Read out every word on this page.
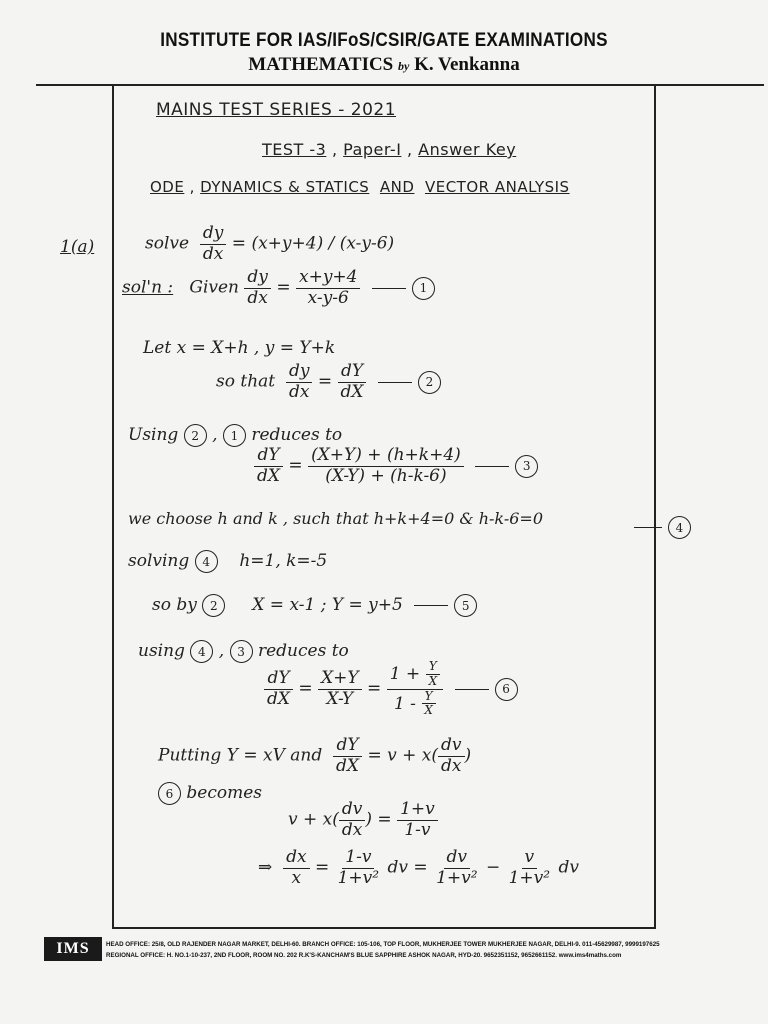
INSTITUTE FOR IAS/IFoS/CSIR/GATE EXAMINATIONS
MATHEMATICS by K. Venkanna
MAINS TEST SERIES - 2021
TEST -3 , Paper-I , Answer Key
ODE , DYNAMICS & STATICS AND VECTOR ANALYSIS
1(a)	solve $\frac{dy}{dx} = (x+y+4) / (x-y-6)$
sol'n : Given $\frac{dy}{dx} = \frac{x+y+4}{x-y-6}$	1
Let x = X+h , y = Y+k
so that $\frac{dy}{dx} = \frac{dY}{dX}$	2
Using 2 , 1 reduces to
$\frac{dY}{dX} = \frac{(X+Y) + (h+k+4)}{(X-Y) + (h-k-6)}$	3
we choose h and k , such that h+k+4=0 & h-k-6=0	4
solving 4 h=1, k=-5
so by 2 X = x-1 ; Y = y+5	5
using 4 , 3 reduces to
$\frac{dY}{dX} = \frac{X+Y}{X-Y} = \frac{1 + \frac{Y}{X}}{1 - \frac{Y}{X}}$	6
Putting Y = xV and $\frac{dY}{dX} = v + x( \frac{dv}{dx}$ )
6 becomes
$v + x( \frac{dv}{dx}$ ) = $\frac{1+v}{1-v}$
⇒ $\frac{dx}{x} = \frac{1-v}{\text{1+v²}}$ dv = $\frac{dv}{\text{1+v²}} - \frac{v}{\text{1+v²}}$ dv
IMS	HEAD OFFICE: 25/8, OLD RAJENDER NAGAR MARKET, DELHI-60. BRANCH OFFICE: 105-106, TOP FLOOR, MUKHERJEE TOWER MUKHERJEE NAGAR, DELHI-9. 011-45629987, 9999197625
REGIONAL OFFICE: H. NO.1-10-237, 2ND FLOOR, ROOM NO. 202 R.K'S-KANCHAM'S BLUE SAPPHIRE ASHOK NAGAR, HYD-20. 9652351152, 9652661152. www.ims4maths.com
